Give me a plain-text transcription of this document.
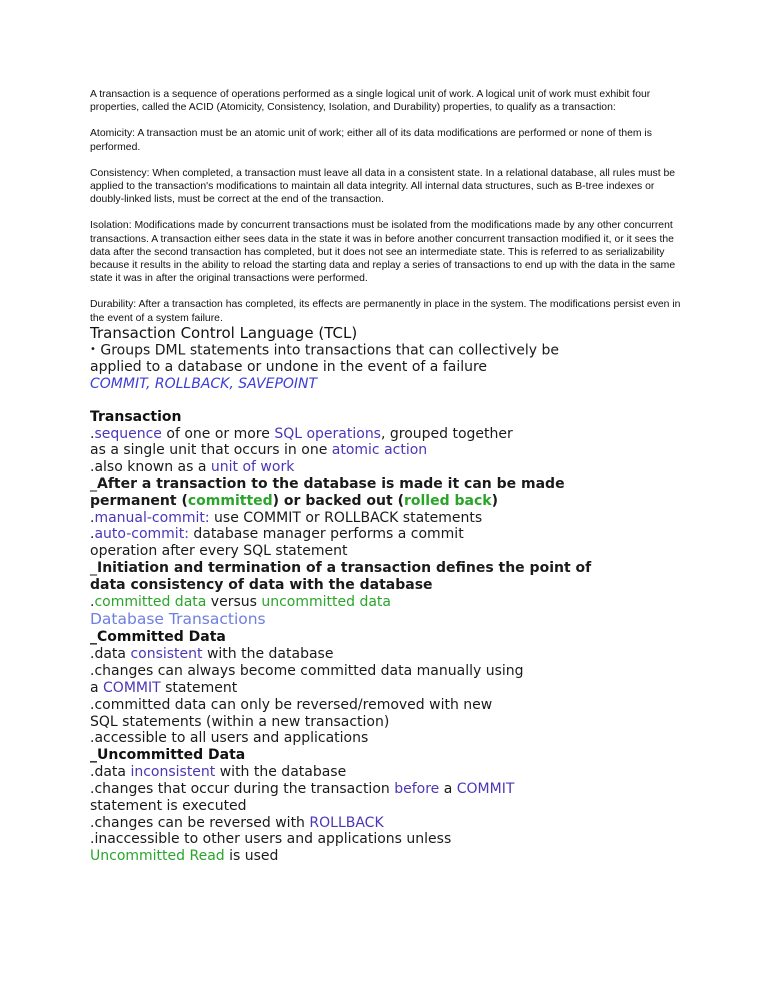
A transaction is a sequence of operations performed as a single logical unit of work. A logical unit of work must exhibit four properties, called the ACID (Atomicity, Consistency, Isolation, and Durability) properties, to qualify as a transaction:

Atomicity: A transaction must be an atomic unit of work; either all of its data modifications are performed or none of them is performed.

Consistency: When completed, a transaction must leave all data in a consistent state. In a relational database, all rules must be applied to the transaction's modifications to maintain all data integrity. All internal data structures, such as B-tree indexes or doubly-linked lists, must be correct at the end of the transaction.

Isolation: Modifications made by concurrent transactions must be isolated from the modifications made by any other concurrent transactions. A transaction either sees data in the state it was in before another concurrent transaction modified it, or it sees the data after the second transaction has completed, but it does not see an intermediate state. This is referred to as serializability because it results in the ability to reload the starting data and replay a series of transactions to end up with the data in the same state it was in after the original transactions were performed.

Durability: After a transaction has completed, its effects are permanently in place in the system. The modifications persist even in the event of a system failure.

Transaction Control Language (TCL)

• Groups DML statements into transactions that can collectively be

applied to a database or undone in the event of a failure

COMMIT, ROLLBACK, SAVEPOINT

Transaction

.sequence of one or more SQL operations, grouped together

as a single unit that occurs in one atomic action

.also known as a unit of work

_After a transaction to the database is made it can be made

permanent (committed) or backed out (rolled back)

.manual-commit: use COMMIT or ROLLBACK statements

.auto-commit: database manager performs a commit

operation after every SQL statement

_Initiation and termination of a transaction defines the point of

data consistency of data with the database

.committed data versus uncommitted data

Database Transactions

_Committed Data

.data consistent with the database

.changes can always become committed data manually using

a COMMIT statement

.committed data can only be reversed/removed with new

SQL statements (within a new transaction)

.accessible to all users and applications

_Uncommitted Data

.data inconsistent with the database

.changes that occur during the transaction before a COMMIT

statement is executed

.changes can be reversed with ROLLBACK

.inaccessible to other users and applications unless

Uncommitted Read is used
